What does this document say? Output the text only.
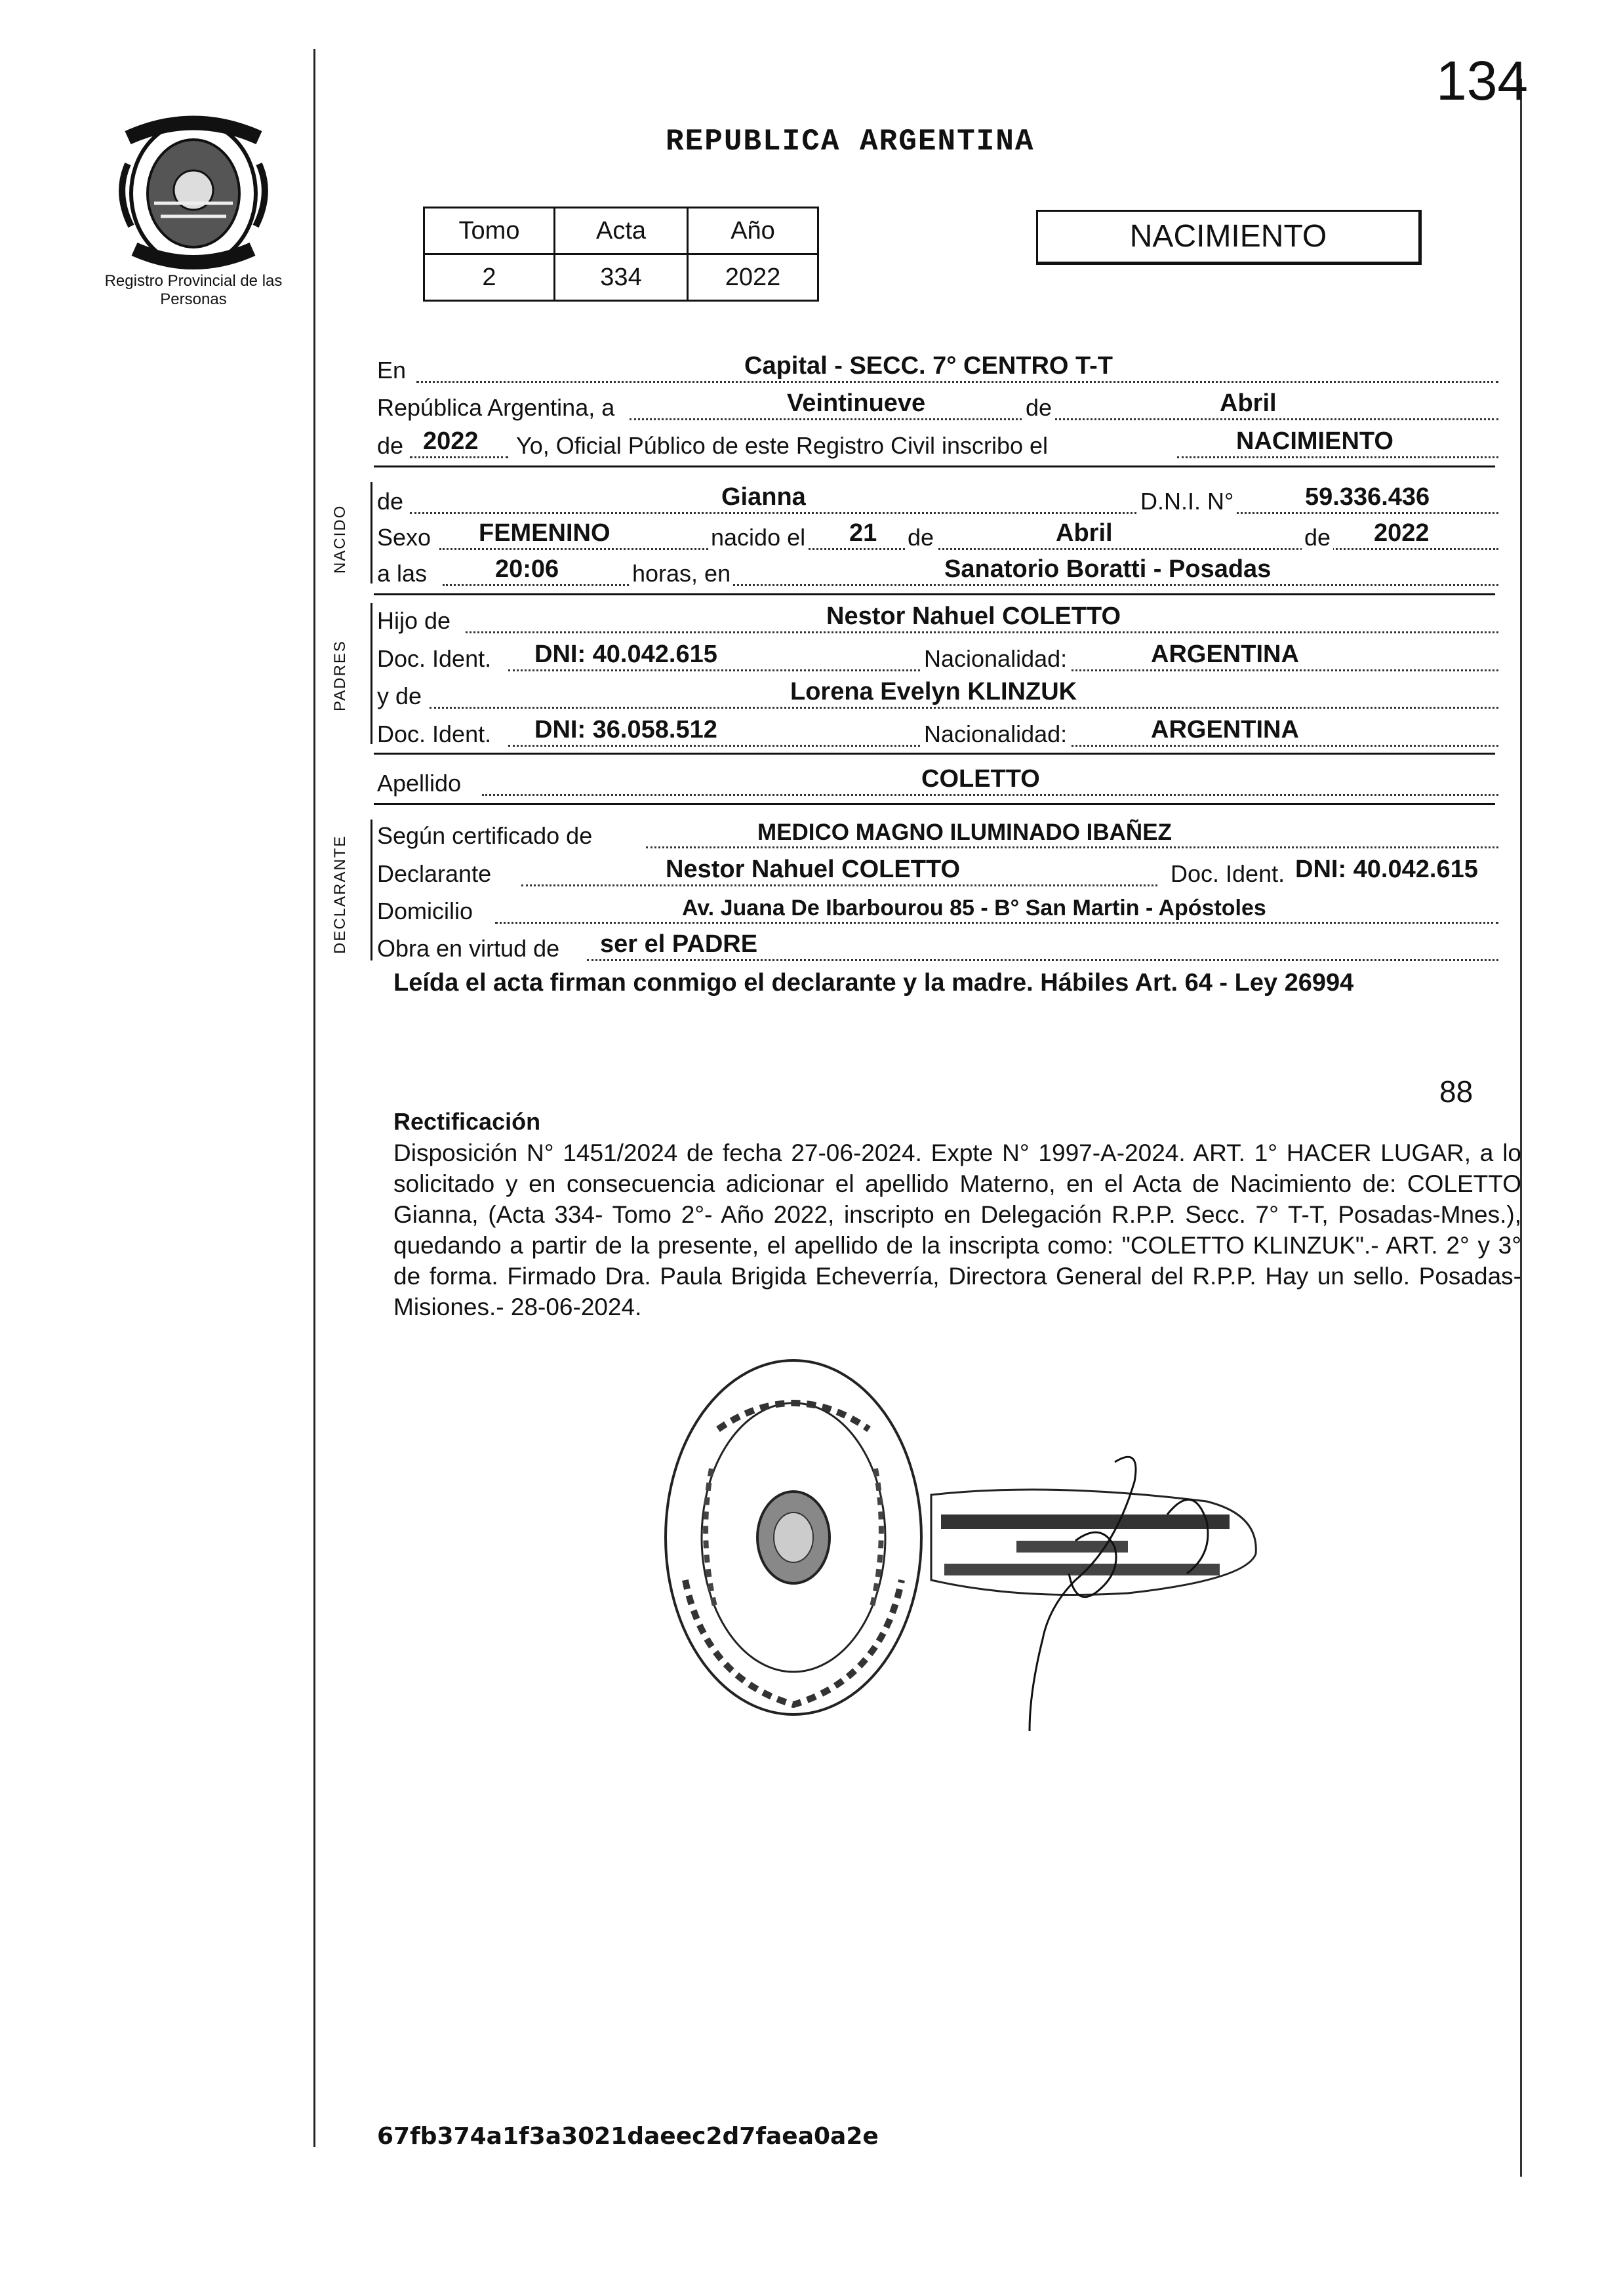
Registro Provincial de las Personas
134
REPUBLICA ARGENTINA
Tomo	Acta	Año
2	334	2022
NACIMIENTO
En	Capital - SECC. 7° CENTRO T-T
República Argentina, a	Veintinueve	de	Abril
de 2022 Yo, Oficial Público de este Registro Civil inscribo el	NACIMIENTO
NACIDO
de	Gianna	D.N.I. N°	59.336.436
Sexo FEMENINO	nacido el 21 de	Abril	de 2022
a las	20:06	horas, en	Sanatorio Boratti - Posadas
PADRES
Hijo de	Nestor Nahuel COLETTO
Doc. Ident. DNI: 40.042.615	Nacionalidad:	ARGENTINA
y de	Lorena Evelyn KLINZUK
Doc. Ident. DNI: 36.058.512	Nacionalidad:	ARGENTINA
Apellido	COLETTO
DECLARANTE Según certificado de	MEDICO MAGNO ILUMINADO IBAÑEZ
Declarante	Nestor Nahuel COLETTO	Doc. Ident. DNI: 40.042.615
Domicilio	Av. Juana De Ibarbourou 85 - B° San Martin - Apóstoles
Obra en virtud de ser el PADRE
Leída el acta firman conmigo el declarante y la madre. Hábiles Art. 64 - Ley 26994
88
Rectificación
Disposición N° 1451/2024 de fecha 27-06-2024. Expte N° 1997-A-2024. ART. 1° HACER LUGAR, a lo solicitado y en consecuencia adicionar el apellido Materno, en el Acta de Nacimiento de: COLETTO Gianna, (Acta 334- Tomo 2°- Año 2022, inscripto en Delegación R.P.P. Secc. 7° T-T, Posadas-Mnes.), quedando a partir de la presente, el apellido de la inscripta como: "COLETTO KLINZUK".- ART. 2° y 3° de forma. Firmado Dra. Paula Brigida Echeverría, Directora General del R.P.P. Hay un sello. Posadas-Misiones.- 28-06-2024.
67fb374a1f3a3021daeec2d7faea0a2e
